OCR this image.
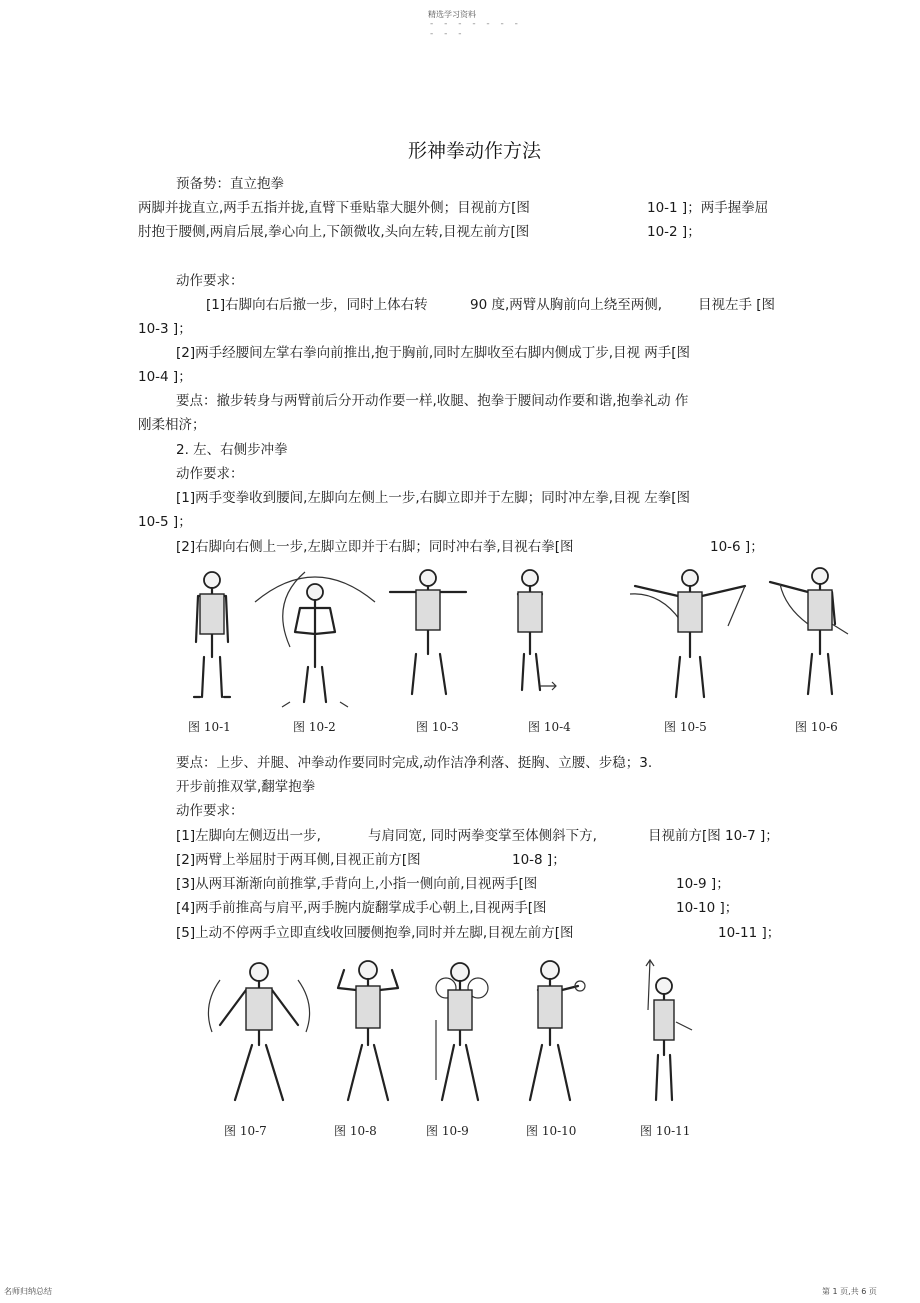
精选学习资料
- - - - - - -
- - -
形神拳动作方法
预备势：直立抱拳
两脚并拢直立,两手五指并拢,直臂下垂贴靠大腿外侧；目视前方[图	10-1 ]；两手握拳屈
肘抱于腰侧,两肩后展,拳心向上,下颌微收,头向左转,目视左前方[图	10-2 ]；
动作要求：
[1]右脚向右后撤一步，同时上体右转	90 度,两臂从胸前向上绕至两侧,	目视左手 [图
10-3 ]；
[2]两手经腰间左掌右拳向前推出,抱于胸前,同时左脚收至右脚内侧成丁步,目视 两手[图
10-4 ]；
要点：撤步转身与两臂前后分开动作要一样,收腿、抱拳于腰间动作要和谐,抱拳礼动 作
刚柔相济；
2. 左、右侧步冲拳
动作要求：
[1]两手变拳收到腰间,左脚向左侧上一步,右脚立即并于左脚；同时冲左拳,目视 左拳[图
10-5 ]；
[2]右脚向右侧上一步,左脚立即并于右脚；同时冲右拳,目视右拳[图	10-6 ]；
图 10-1	图 10-2	图 10-3	图 10-4	图 10-5	图 10-6
要点：上步、并腿、冲拳动作要同时完成,动作洁净利落、挺胸、立腰、步稳；3.
开步前推双掌,翻掌抱拳
动作要求：
[1]左脚向左侧迈出一步,	与肩同宽, 同时两拳变掌至体侧斜下方,	目视前方[图 10-7 ]；
[2]两臂上举屈肘于两耳侧,目视正前方[图	10-8 ]；
[3]从两耳渐渐向前推掌,手背向上,小指一侧向前,目视两手[图	10-9 ]；
[4]两手前推高与肩平,两手腕内旋翻掌成手心朝上,目视两手[图	10-10 ]；
[5]上动不停两手立即直线收回腰侧抱拳,同时并左脚,目视左前方[图	10-11 ]；
图 10-7	图 10-8	图 10-9	图 10-10	图 10-11
名师归纳总结	第 1 页,共 6 页
